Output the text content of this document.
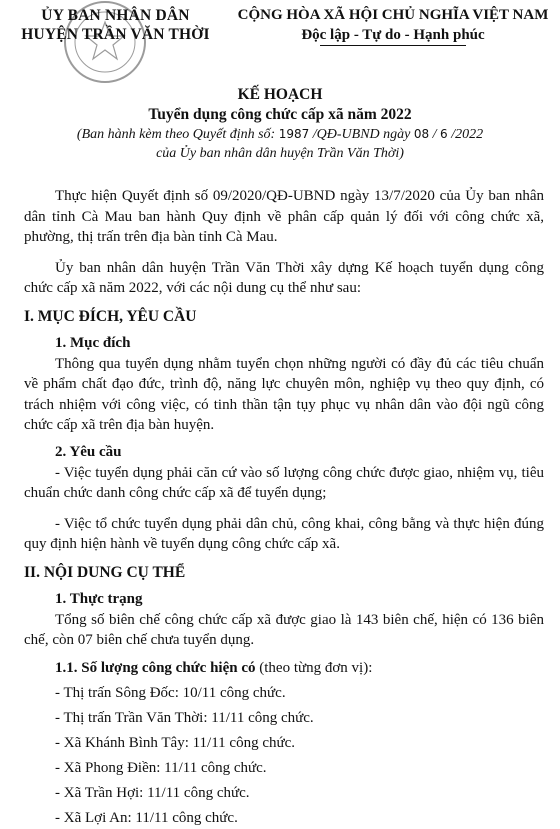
ỦY BAN NHÂN DÂN
HUYỆN TRẦN VĂN THỜI
CỘNG HÒA XÃ HỘI CHỦ NGHĨA VIỆT NAM
Độc lập - Tự do - Hạnh phúc
KẾ HOẠCH
Tuyển dụng công chức cấp xã năm 2022
(Ban hành kèm theo Quyết định số: 1987 /QĐ-UBND ngày 08 / 6 /2022
của Ủy ban nhân dân huyện Trần Văn Thời)

Thực hiện Quyết định số 09/2020/QĐ-UBND ngày 13/7/2020 của Ủy ban nhân dân tỉnh Cà Mau ban hành Quy định về phân cấp quản lý đối với công chức xã, phường, thị trấn trên địa bàn tỉnh Cà Mau.

Ủy ban nhân dân huyện Trần Văn Thời xây dựng Kế hoạch tuyển dụng công chức cấp xã năm 2022, với các nội dung cụ thể như sau:

I. MỤC ĐÍCH, YÊU CẦU
1. Mục đích

Thông qua tuyển dụng nhằm tuyển chọn những người có đầy đủ các tiêu chuẩn về phẩm chất đạo đức, trình độ, năng lực chuyên môn, nghiệp vụ theo quy định, có trách nhiệm với công việc, có tinh thần tận tụy phục vụ nhân dân vào đội ngũ công chức cấp xã trên địa bàn huyện.

2. Yêu cầu

- Việc tuyển dụng phải căn cứ vào số lượng công chức được giao, nhiệm vụ, tiêu chuẩn chức danh công chức cấp xã để tuyển dụng;

- Việc tổ chức tuyển dụng phải dân chủ, công khai, công bằng và thực hiện đúng quy định hiện hành về tuyển dụng công chức cấp xã.

II. NỘI DUNG CỤ THỂ
1. Thực trạng

Tổng số biên chế công chức cấp xã được giao là 143 biên chế, hiện có 136 biên chế, còn 07 biên chế chưa tuyển dụng.

1.1. Số lượng công chức hiện có (theo từng đơn vị):
- Thị trấn Sông Đốc: 10/11 công chức.
- Thị trấn Trần Văn Thời: 11/11 công chức.
- Xã Khánh Bình Tây: 11/11 công chức.
- Xã Phong Điền: 11/11 công chức.
- Xã Trần Hợi: 11/11 công chức.
- Xã Lợi An: 11/11 công chức.
